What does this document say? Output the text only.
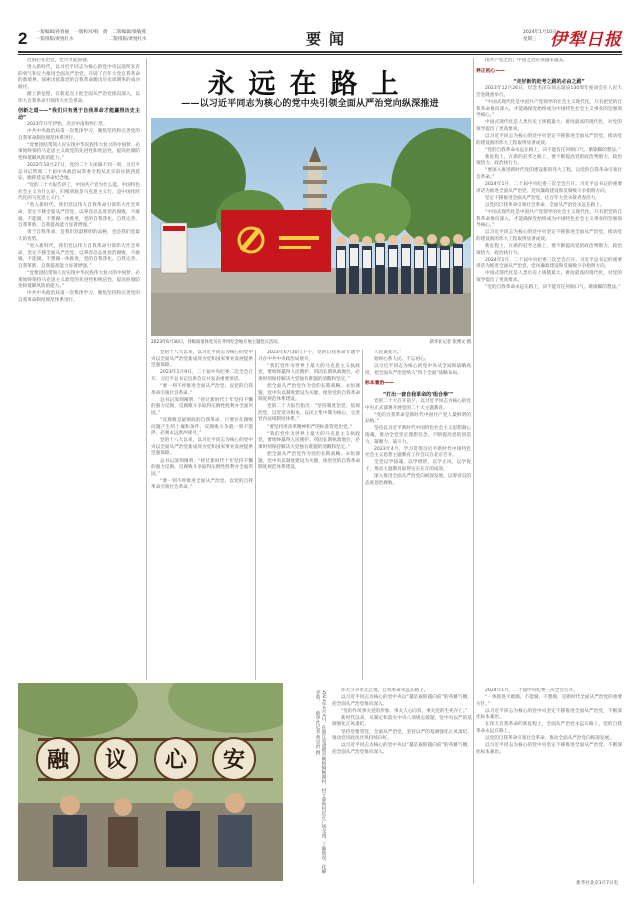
2 一版编辑/孙春丽 一版校对/韩　倩 二版编辑/梁敏燕
一版排版/黄悦红水	二版排版/黄悦红水	要闻	2024年1月10日
星期三 伊犁日报

治国必先治党，党兴才能国强。

进入新时代，以习近平同志为核心的党中央以前所未有的勇气和定力推进全面从严治党，开辟了百年大党自我革命的新境界。探索出依靠党的自我革命跳出历史周期率的成功路径。

踏上新征程，在新起点上把全面从严治党推向深入，以伟大自我革命引领伟大社会革命。

创新之道——“我们只有勇于自我革命才能赢得历史主动”

2023年开年伊始，北京中南海怀仁堂。

中共中央政治局第一次集体学习，聚焦坚持和完善党的自我革命制度规范体系进行。

“党要团结带领人民实现中华民族伟大复兴的中国梦，必须始终保持马克思主义政党的先进性和纯洁性，提高拒腐防变和抵御风险的能力。”

2022年10月27日，党的二十大闭幕不到一周，习近平总书记带领二十届中央政治局常委专程从北京前往陕西延安，瞻仰延安革命纪念地。

“党的二十大报告讲了，中国共产党为什么能，中国特色社会主义为什么好，归根到底是马克思主义行，是中国化时代化的马克思主义行。”

“进入新时代，我们党以伟大自我革命引领伟大社会革命，坚定不移全面从严治党，以零容忍态度惩治腐败，不敢腐、不能腐、不想腐一体推进，党的自我净化、自我完善、自我革新、自我提高能力显著增强。”

勇于自我革命，是我们党最鲜明的品格，也是我们党最大的优势。

“进入新时代，我们党以伟大自我革命引领伟大社会革命，坚定不移全面从严治党，以零容忍态度惩治腐败，不敢腐、不能腐、不想腐一体推进，党的自我净化、自我完善、自我革新、自我提高能力显著增强。”

“党要团结带领人民实现中华民族伟大复兴的中国梦，必须始终保持马克思主义政党的先进性和纯洁性，提高拒腐防变和抵御风险的能力。”

中共中央政治局第一次集体学习，聚焦坚持和完善党的自我革命制度规范体系进行。

永远在路上
——以习近平同志为核心的党中央引领全面从严治党向纵深推进
2023年6月30日，县级离退休党员在齐河纪念地开展主题党日活动。	新华社记者 张博文 摄

党的十八大以来，以习近平同志为核心的党中央以全面从严治党新成效为党和国家事业发展提供坚强保障。

2023年1月9日，二十届中央纪委二次全会召开。习近平总书记出席会议并发表重要讲话。

“要一刻不停推进全面从严治党，以党的自我革命引领社会革命。”

总书记深刻阐明：“经过新时代十年坚持不懈的强力反腐，反腐败斗争取得压倒性胜利并全面巩固。”

“反腐败是最彻底的自我革命。只要存在腐败问题产生的土壤和条件，反腐败斗争就一刻不能停，必须永远吹冲锋号。”

党的十八大以来，以习近平同志为核心的党中央以全面从严治党新成效为党和国家事业发展提供坚强保障。

总书记深刻阐明：“经过新时代十年坚持不懈的强力反腐，反腐败斗争取得压倒性胜利并全面巩固。”

“要一刻不停推进全面从严治党，以党的自我革命引领社会革命。”

2023年6月30日下午，党的自我革命专题学习在中共中央政治局展开。

“我们党作为世界上最大的马克思主义执政党，要始终赢得人民拥护、巩固长期执政地位，必须时刻保持解决大党独有难题的清醒和坚定。”

把全面从严治党作为党的长期战略、永恒课题，党中央以制度建设为关键，推进党的自我革命制度规范体系建设。

党的二十大报告指出：“坚持制度治党、依规治党，以党章为根本，以民主集中制为核心，完善党内法规制度体系。”

“要坚持用改革精神和严的标准管党治党。”

“我们党作为世界上最大的马克思主义执政党，要始终赢得人民拥护、巩固长期执政地位，必须时刻保持解决大党独有难题的清醒和坚定。”

把全面从严治党作为党的长期战略、永恒课题，党中央以制度建设为关键，推进党的自我革命制度规范体系建设。

人民谋复兴。”

始终心系人民、不忘初心。

以习近平同志为核心的党中央从全局和战略高度，把全面从严治党纳入“四个全面”战略布局。

标本兼治——

“打出一套自我革命的‘组合拳’”

党的二十大召开前夕，以习近平同志为核心的党中央正式部署开展党的二十大主题教育。

“党的自我革命是新时代中国共产党人最鲜明的品格。”

坚持以习近平新时代中国特色社会主义思想凝心铸魂，推动全党坚定理想信念，不断提高党的创造力、凝聚力、战斗力。

2023年4月，学习贯彻习近平新时代中国特色社会主义思想主题教育工作会议在北京召开。

全党以学铸魂、以学增智、以学正风、以学促干，推动主题教育取得实实在在的成效。

深入推进全面从严治党向纵深发展，以零容忍的态度惩治腐败。

国共产党之治，中国之治必须越来越美。

养正初心——

“走好新的赶考之路的必由之路”

2023年12月26日，纪念毛泽东同志诞辰130周年座谈会在人民大会堂隆重举行。

“中国式现代化是中国共产党领导的社会主义现代化。只有把党的自我革命推向深入，才能确保党始终成为中国特色社会主义事业的坚强领导核心。”

中国式现代化是人类历史上规模最大、难度最高的现代化，对党的领导提出了更高要求。

以习近平同志为核心的党中央坚定不移推进全面从严治党，推动党的建设新的伟大工程取得显著成效。

“党的自我革命永远在路上，决不能有任何喘口气、歇歇脚的想法。”

新征程上，在新的赶考之路上，要不断提高党的政治判断力、政治领悟力、政治执行力。

“要深入推进新时代党的建设新的伟大工程，以党的自我革命引领社会革命。”

2024年1月，二十届中央纪委三次全会召开。习近平总书记的重要讲话为推进全面从严治党、党风廉政建设和反腐败斗争指明方向。

坚定不移推进全面从严治党，让百年大党永葆青春活力。

以党的自我革命引领社会革命，全面从严治党永远在路上。

“中国式现代化是中国共产党领导的社会主义现代化。只有把党的自我革命推向深入，才能确保党始终成为中国特色社会主义事业的坚强领导核心。”

以习近平同志为核心的党中央坚定不移推进全面从严治党，推动党的建设新的伟大工程取得显著成效。

新征程上，在新的赶考之路上，要不断提高党的政治判断力、政治领悟力、政治执行力。

2024年1月，二十届中央纪委三次全会召开。习近平总书记的重要讲话为推进全面从严治党、党风廉政建设和反腐败斗争指明方向。

中国式现代化是人类历史上规模最大、难度最高的现代化，对党的领导提出了更高要求。

“党的自我革命永远在路上，决不能有任何喘口气、歇歇脚的想法。”

融 议 心 安	2023年2月3日，在浙江省诸暨市枫桥镇枫源村，村干部和村民在广场交流，了解情况、化解矛盾。 新华社记者 黄宗治 摄

伟大斗争永无止境，自我革命永远在路上。

以习近平同志为核心的党中央以“越是艰险越向前”的英雄气概，把全面从严治党推向深入。

“党的作风事关党的形象、事关人心向背、事关党的生死存亡。”

新时代以来，从制定和落实中央八项规定破题，党中央以严的基调强化正风肃纪。

坚持党要管党、全面从严治党，坚持以严的基调强化正风肃纪，推动党风政风社风持续向好。

以习近平同志为核心的党中央以“越是艰险越向前”的英雄气概，把全面从严治党推向深入。

2024年1月，二十届中央纪委三次全会召开。

“一体推进不敢腐、不能腐、不想腐，是新时代全面从严治党的重要方针。”

以习近平同志为核心的党中央坚定不移推进全面从严治党，不断深化标本兼治。

在伟大自我革命的新征程上，全面从严治党永远在路上，党的自我革命永远在路上。

以党的自我革命引领社会革命，推动全面从严治党向纵深发展。

以习近平同志为核心的党中央坚定不移推进全面从严治党，不断深化标本兼治。

新华社北京1月7日电
